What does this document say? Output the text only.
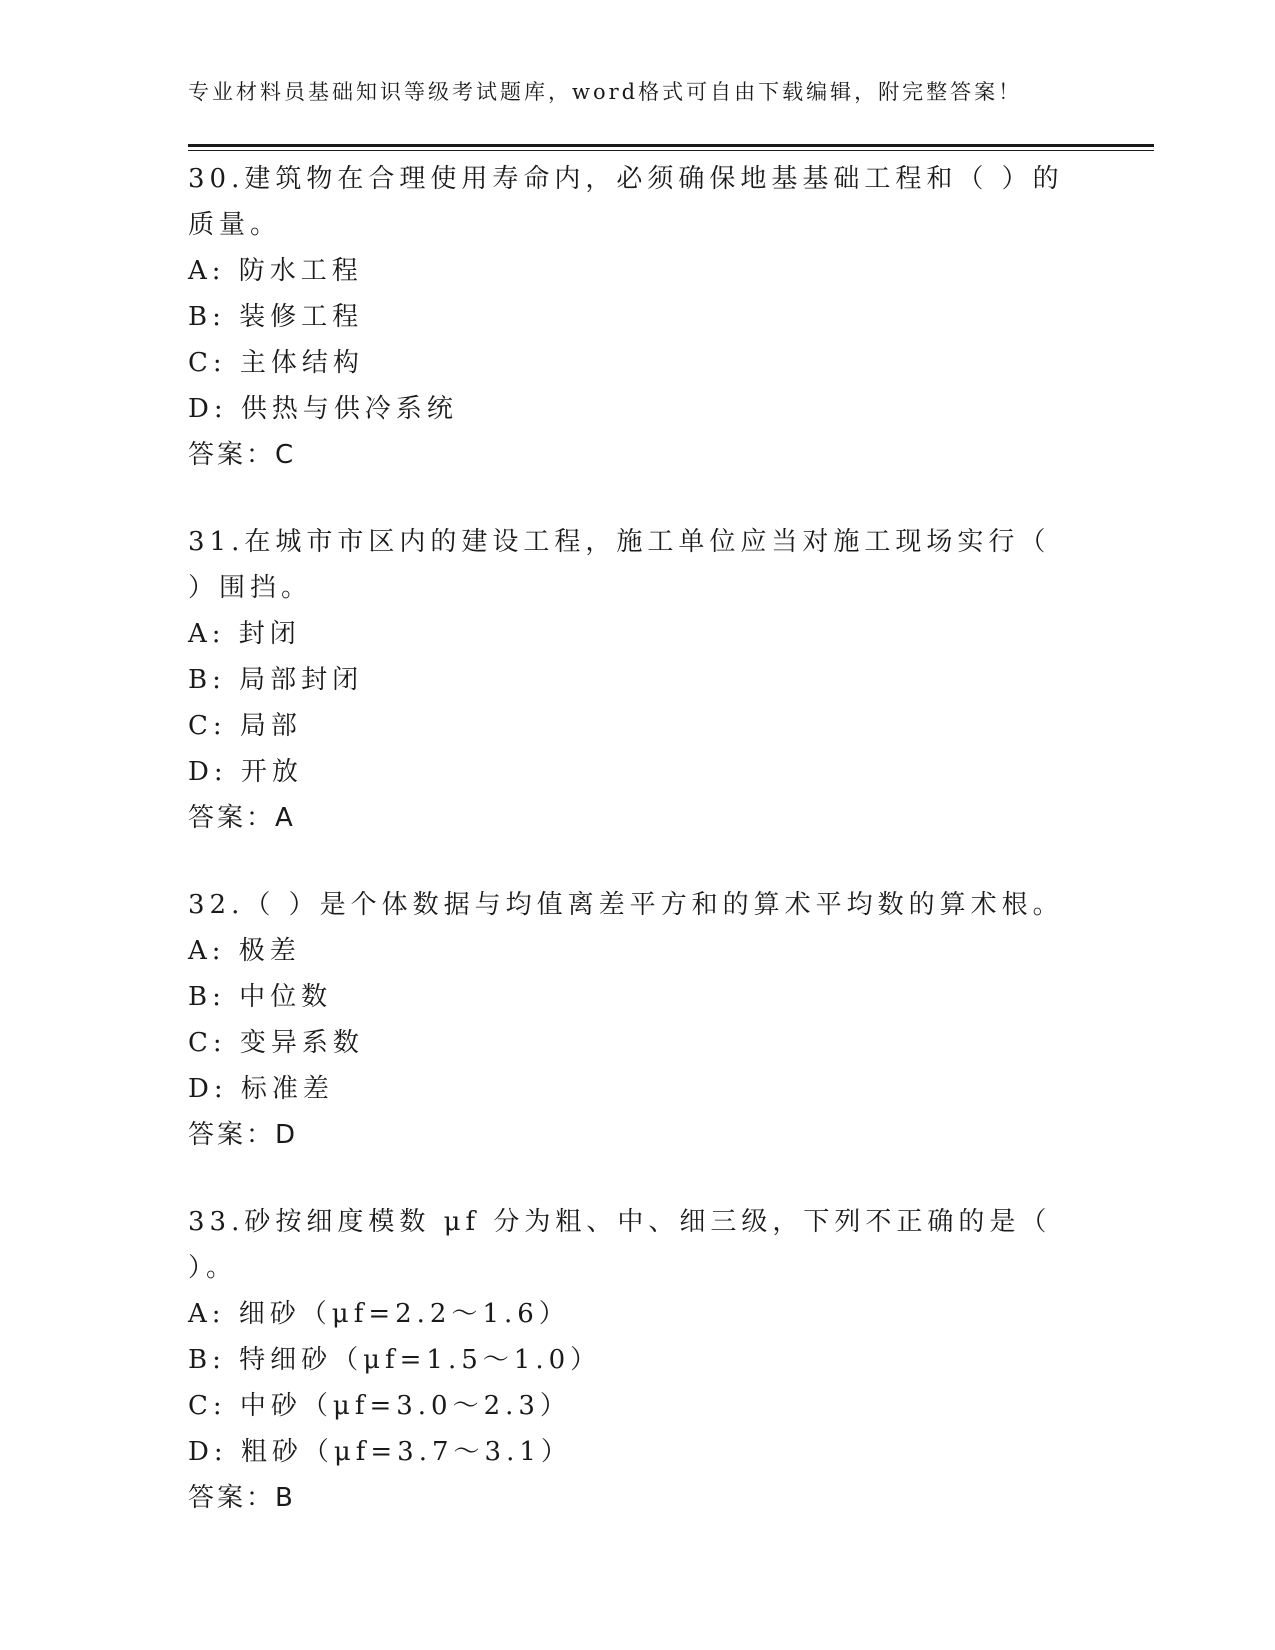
专业材料员基础知识等级考试题库，word格式可自由下载编辑，附完整答案！
30.建筑物在合理使用寿命内，必须确保地基基础工程和（ ）的质量。
A: 防水工程
B: 装修工程
C: 主体结构
D: 供热与供冷系统
答案：C
31.在城市市区内的建设工程，施工单位应当对施工现场实行（ ）围挡。
A: 封闭
B: 局部封闭
C: 局部
D: 开放
答案：A
32.（ ）是个体数据与均值离差平方和的算术平均数的算术根。
A: 极差
B: 中位数
C: 变异系数
D: 标准差
答案：D
33.砂按细度模数 μf 分为粗、中、细三级，下列不正确的是（ ）。
A: 细砂（μf=2.2～1.6）
B: 特细砂（μf=1.5～1.0）
C: 中砂（μf=3.0～2.3）
D: 粗砂（μf=3.7～3.1）
答案：B
